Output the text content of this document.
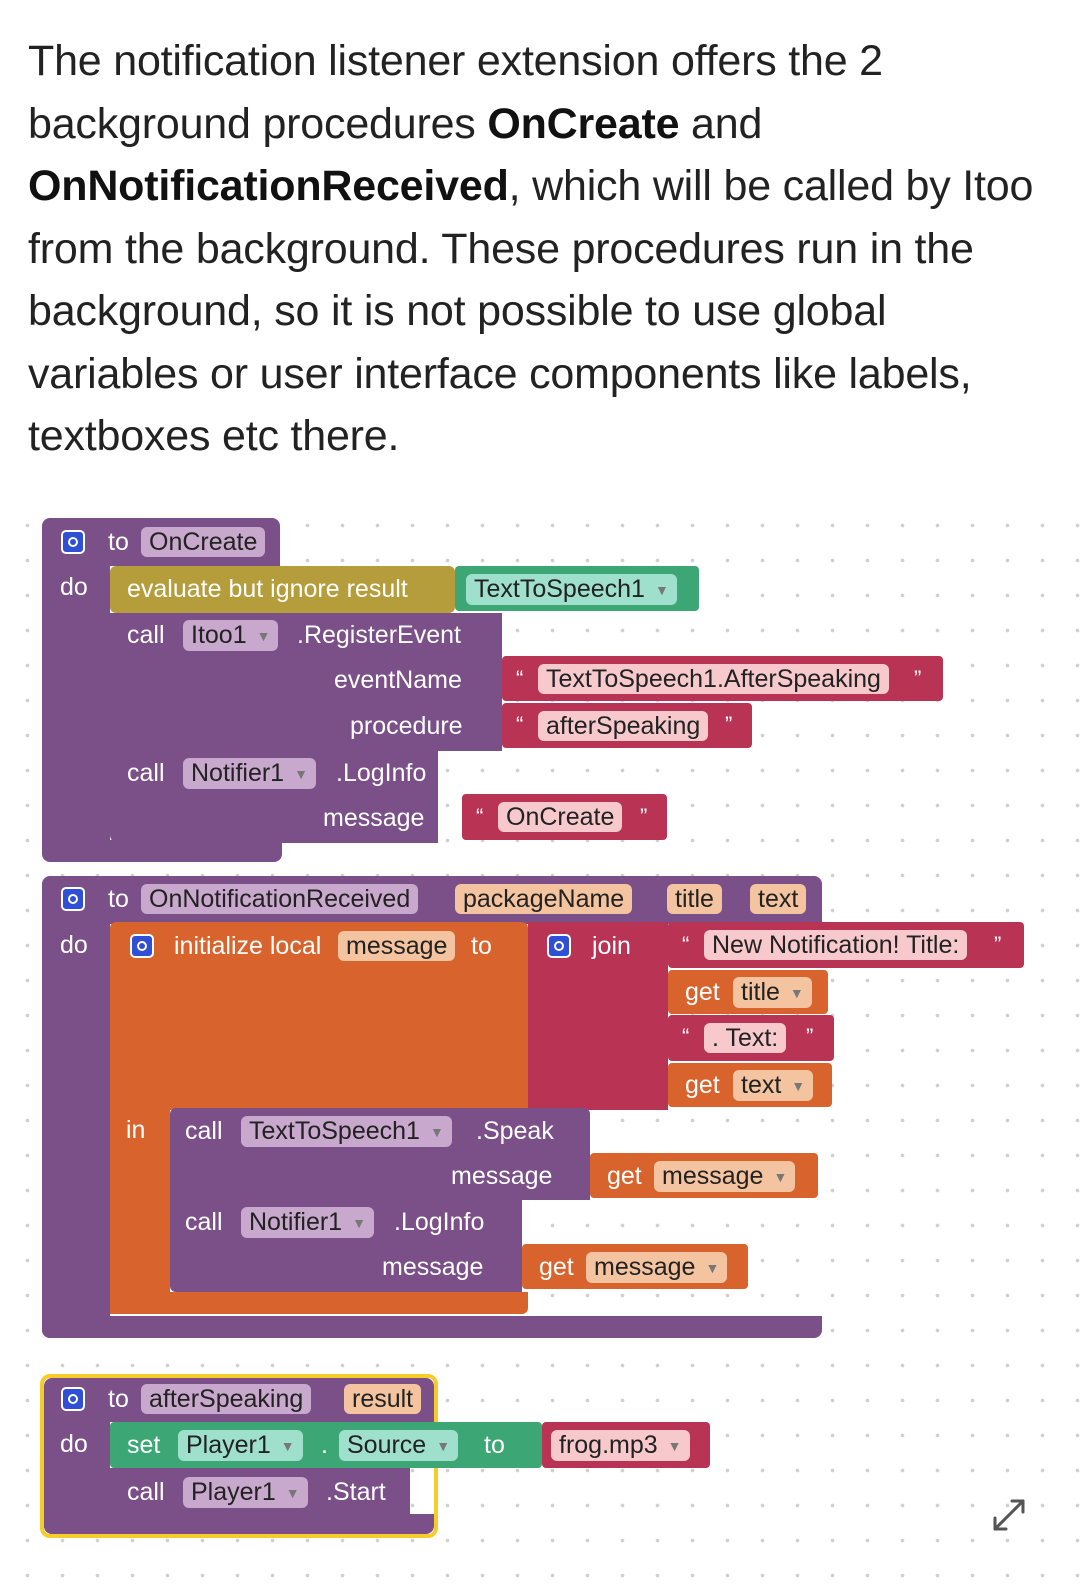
The notification listener extension offers the 2 background procedures OnCreate and OnNotificationReceived, which will be called by Itoo from the background. These procedures run in the background, so it is not possible to use global variables or user interface components like labels, textboxes etc there.
to OnCreate
do evaluate but ignore result	TextToSpeech1 ▼
call	Itoo1 ▼	.RegisterEvent
eventName
procedure
“ TextToSpeech1.AfterSpeaking	”
“ afterSpeaking	”
call	Notifier1 ▼	.LogInfo
message “ OnCreate	”
to OnNotificationReceived	packageName	title	text
do	initialize local message to
in
join “ New Notification! Title:	”
get title ▼
“ . Text:	”
get text ▼
call	TextToSpeech1 ▼	.Speak
message get message ▼
call	Notifier1 ▼	.LogInfo
message get message ▼
to afterSpeaking	result
do set	Player1 ▼	. Source ▼	to	frog.mp3 ▼
call	Player1 ▼	.Start
